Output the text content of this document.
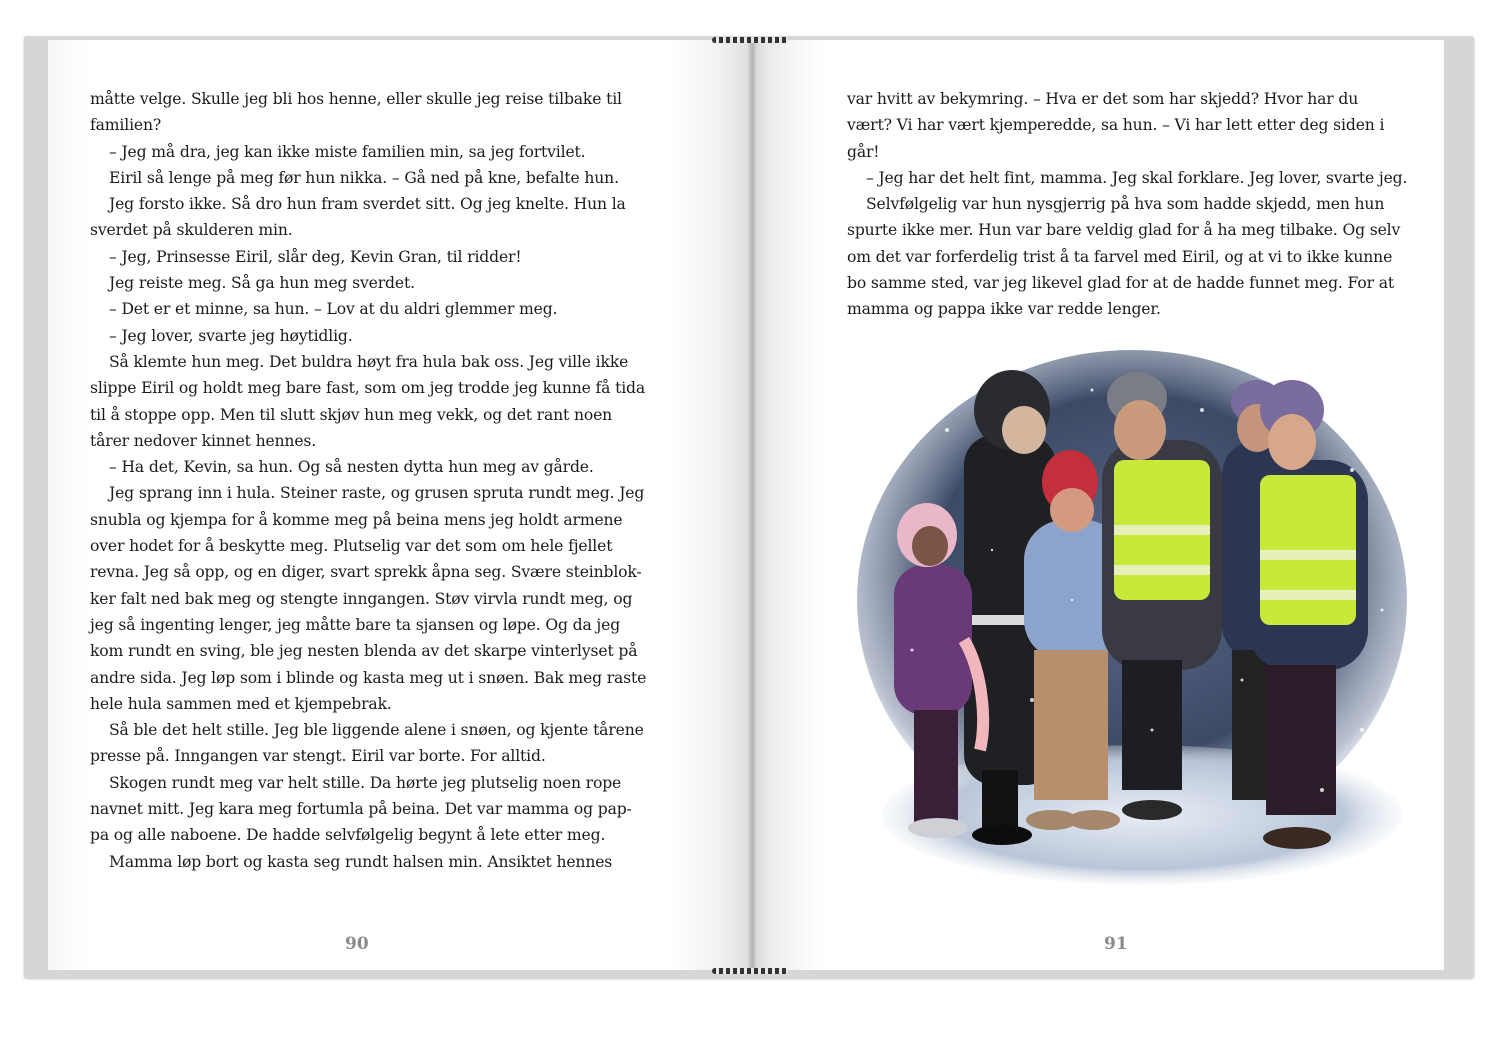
måtte velge. Skulle jeg bli hos henne, eller skulle jeg reise tilbake til
familien?
– Jeg må dra, jeg kan ikke miste familien min, sa jeg fortvilet.
Eiril så lenge på meg før hun nikka. – Gå ned på kne, befalte hun.
Jeg forsto ikke. Så dro hun fram sverdet sitt. Og jeg knelte. Hun la
sverdet på skulderen min.
– Jeg, Prinsesse Eiril, slår deg, Kevin Gran, til ridder!
Jeg reiste meg. Så ga hun meg sverdet.
– Det er et minne, sa hun. – Lov at du aldri glemmer meg.
– Jeg lover, svarte jeg høytidlig.
Så klemte hun meg. Det buldra høyt fra hula bak oss. Jeg ville ikke
slippe Eiril og holdt meg bare fast, som om jeg trodde jeg kunne få tida
til å stoppe opp. Men til slutt skjøv hun meg vekk, og det rant noen
tårer nedover kinnet hennes.
– Ha det, Kevin, sa hun. Og så nesten dytta hun meg av gårde.
Jeg sprang inn i hula. Steiner raste, og grusen spruta rundt meg. Jeg
snubla og kjempa for å komme meg på beina mens jeg holdt armene
over hodet for å beskytte meg. Plutselig var det som om hele fjellet
revna. Jeg så opp, og en diger, svart sprekk åpna seg. Svære steinblok-
ker falt ned bak meg og stengte inngangen. Støv virvla rundt meg, og
jeg så ingenting lenger, jeg måtte bare ta sjansen og løpe. Og da jeg
kom rundt en sving, ble jeg nesten blenda av det skarpe vinterlyset på
andre sida. Jeg løp som i blinde og kasta meg ut i snøen. Bak meg raste
hele hula sammen med et kjempebrak.
Så ble det helt stille. Jeg ble liggende alene i snøen, og kjente tårene
presse på. Inngangen var stengt. Eiril var borte. For alltid.
Skogen rundt meg var helt stille. Da hørte jeg plutselig noen rope
navnet mitt. Jeg kara meg fortumla på beina. Det var mamma og pap-
pa og alle naboene. De hadde selvfølgelig begynt å lete etter meg.
Mamma løp bort og kasta seg rundt halsen min. Ansiktet hennes
var hvitt av bekymring. – Hva er det som har skjedd? Hvor har du
vært? Vi har vært kjemperedde, sa hun. – Vi har lett etter deg siden i
går!
– Jeg har det helt fint, mamma. Jeg skal forklare. Jeg lover, svarte jeg.
Selvfølgelig var hun nysgjerrig på hva som hadde skjedd, men hun
spurte ikke mer. Hun var bare veldig glad for å ha meg tilbake. Og selv
om det var forferdelig trist å ta farvel med Eiril, og at vi to ikke kunne
bo samme sted, var jeg likevel glad for at de hadde funnet meg. For at
mamma og pappa ikke var redde lenger.
90	91
